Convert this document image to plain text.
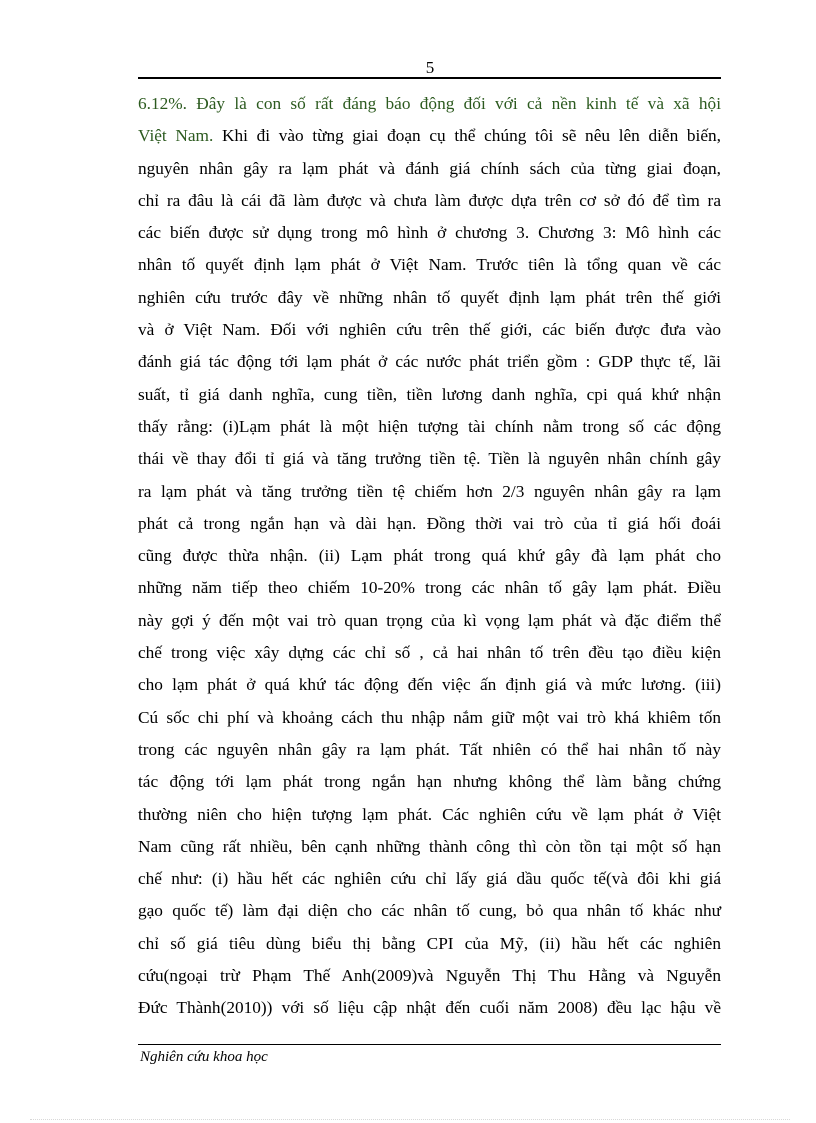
5
6.12%. Đây là con số rất đáng báo động đối với cả nền kinh tế và xã hội
Việt Nam. Khi đi vào từng giai đoạn cụ thể chúng tôi sẽ nêu lên diễn biến,
nguyên nhân gây ra lạm phát và đánh giá chính sách của từng giai đoạn,
chỉ ra đâu là cái đã làm được và chưa làm được dựa trên cơ sở đó để tìm ra
các biến được sử dụng trong mô hình ở chương 3. Chương 3: Mô hình các
nhân tố quyết định lạm phát ở Việt Nam. Trước tiên là tổng quan về các
nghiên cứu trước đây về những nhân tố quyết định lạm phát trên thế giới
và ở Việt Nam. Đối với nghiên cứu trên thế giới, các biến được đưa vào
đánh giá tác động tới lạm phát ở các nước phát triển gồm : GDP thực tế, lãi
suất, tỉ giá danh nghĩa, cung tiền, tiền lương danh nghĩa, cpi quá khứ nhận
thấy rằng: (i)Lạm phát là một hiện tượng tài chính nằm trong số các động
thái về thay đổi tỉ giá và tăng trưởng tiền tệ. Tiền là nguyên nhân chính gây
ra lạm phát và tăng trưởng tiền tệ chiếm hơn 2/3 nguyên nhân gây ra lạm
phát cả trong ngắn hạn và dài hạn. Đồng thời vai trò của tỉ giá hối đoái
cũng được thừa nhận. (ii) Lạm phát trong quá khứ gây đà lạm phát cho
những năm tiếp theo chiếm 10-20% trong các nhân tố gây lạm phát. Điều
này gợi ý đến một vai trò quan trọng của kì vọng lạm phát và đặc điểm thể
chế trong việc xây dựng các chỉ số , cả hai nhân tố trên đều tạo điều kiện
cho lạm phát ở quá khứ tác động đến việc ấn định giá và mức lương. (iii)
Cú sốc chi phí và khoảng cách thu nhập nắm giữ một vai trò khá khiêm tốn
trong các nguyên nhân gây ra lạm phát. Tất nhiên có thể hai nhân tố này
tác động tới lạm phát trong ngắn hạn nhưng không thể làm bằng chứng
thường niên cho hiện tượng lạm phát. Các nghiên cứu về lạm phát ở Việt
Nam cũng rất nhiều, bên cạnh những thành công thì còn tồn tại một số hạn
chế như: (i) hầu hết các nghiên cứu chỉ lấy giá dầu quốc tế(và đôi khi giá
gạo quốc tế) làm đại diện cho các nhân tố cung, bỏ qua nhân tố khác như
chỉ số giá tiêu dùng biểu thị bằng CPI của Mỹ, (ii) hầu hết các nghiên
cứu(ngoại trừ Phạm Thế Anh(2009)và Nguyễn Thị Thu Hằng và Nguyễn
Đức Thành(2010)) với số liệu cập nhật đến cuối năm 2008) đều lạc hậu về
Nghiên cứu khoa học
